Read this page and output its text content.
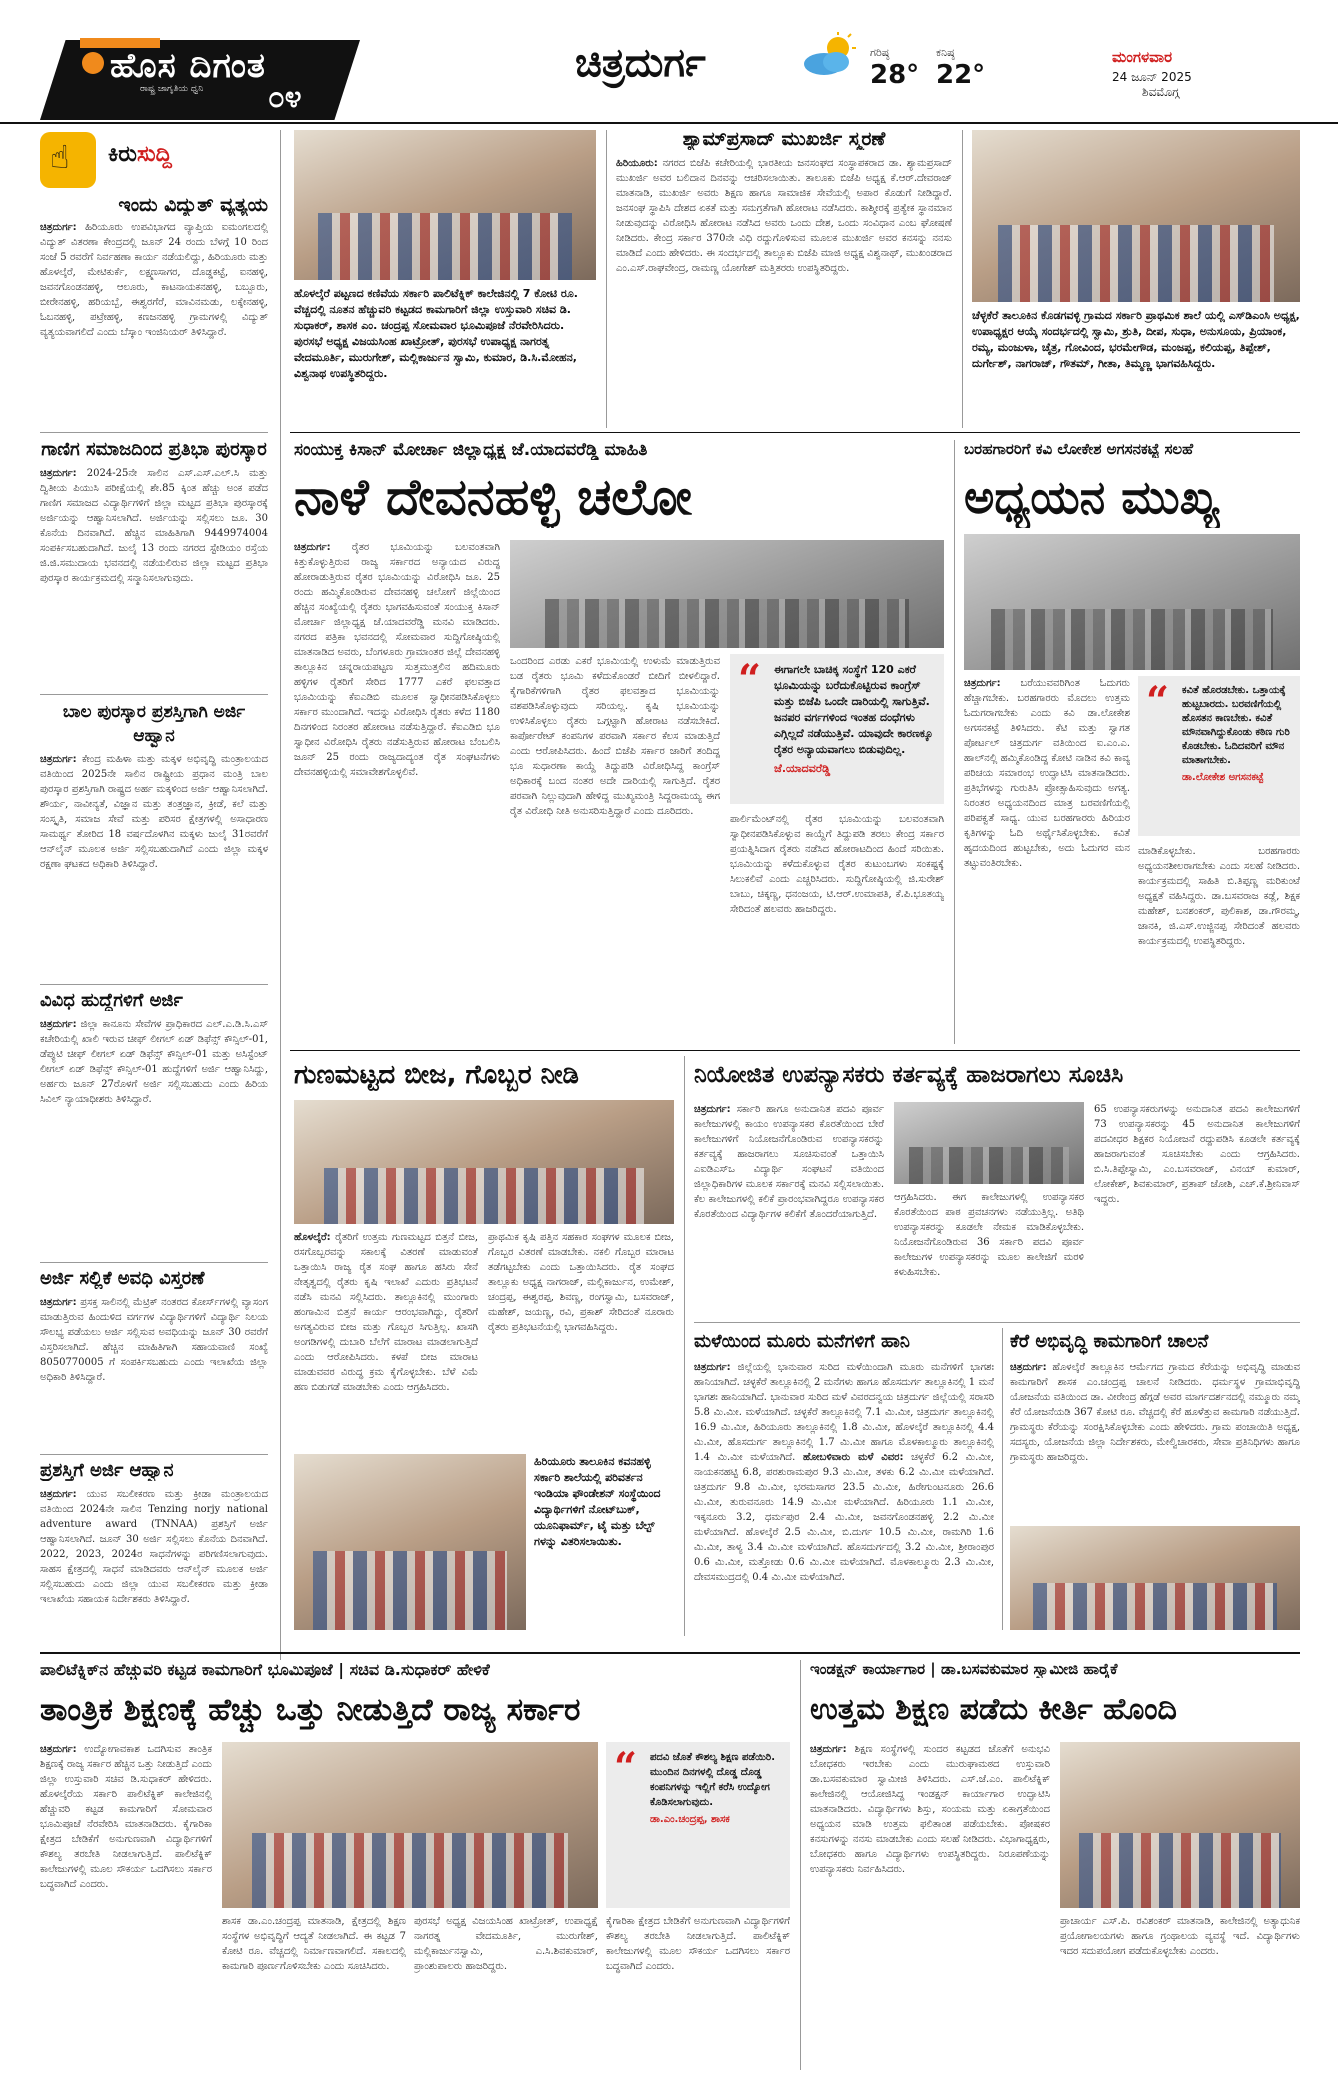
ಹೊಸ ದಿಗಂತ
ರಾಷ್ಟ್ರ ಜಾಗೃತಿಯ ಧ್ವನಿ ೦೪
ಚಿತ್ರದುರ್ಗ	ಗರಿಷ್ಠ
28°
ಕನಿಷ್ಠ
22°
ಮಂಗಳವಾರ
24 ಜೂನ್ 2025
ಶಿವಮೊಗ್ಗ
☝ ಕಿರುಸುದ್ದಿ
ಇಂದು ವಿದ್ಯುತ್ ವ್ಯತ್ಯಯ
ಚಿತ್ರದುರ್ಗ: ಹಿರಿಯೂರು ಉಪವಿಭಾಗದ ವ್ಯಾಪ್ತಿಯ ಐಮಂಗಲದಲ್ಲಿ ವಿದ್ಯುತ್ ವಿತರಣಾ ಕೇಂದ್ರದಲ್ಲಿ ಜೂನ್ 24 ರಂದು ಬೆಳಗ್ಗೆ 10 ರಿಂದ ಸಂಜೆ 5 ರವರೆಗೆ ನಿರ್ವಹಣಾ ಕಾರ್ಯ ನಡೆಯಲಿದ್ದು, ಹಿರಿಯೂರು ಮತ್ತು ಹೊಳಲ್ಕೆರೆ, ಮೇಟಿಕುರ್ಕೆ, ಲಕ್ಷ್ಮಣಸಾಗರ, ದೊಡ್ಡಕಟ್ಟೆ, ಐನಹಳ್ಳಿ, ಜವನಗೊಂಡನಹಳ್ಳಿ, ಆಲೂರು, ಕಾಟನಾಯಕನಹಳ್ಳಿ, ಬಬ್ಬೂರು, ಬೀರೇನಹಳ್ಳಿ, ಹರಿಯಬ್ಬೆ, ಈಶ್ವರಗೆರೆ, ಮಾವಿನಮಡು, ಲಕ್ಕೇನಹಳ್ಳಿ, ಓಬನಹಳ್ಳಿ, ಪಟ್ರೇಹಳ್ಳಿ, ಕಣಜನಹಳ್ಳಿ ಗ್ರಾಮಗಳಲ್ಲಿ ವಿದ್ಯುತ್ ವ್ಯತ್ಯಯವಾಗಲಿದೆ ಎಂದು ಬೆಸ್ಕಾಂ ಇಂಜಿನಿಯರ್ ತಿಳಿಸಿದ್ದಾರೆ.
ಗಾಣಿಗ ಸಮಾಜದಿಂದ ಪ್ರತಿಭಾ ಪುರಸ್ಕಾರ
ಚಿತ್ರದುರ್ಗ: 2024-25ನೇ ಸಾಲಿನ ಎಸ್.ಎಸ್.ಎಲ್.ಸಿ ಮತ್ತು ದ್ವಿತೀಯ ಪಿಯುಸಿ ಪರೀಕ್ಷೆಯಲ್ಲಿ ಶೇ.85 ಕ್ಕಿಂತ ಹೆಚ್ಚು ಅಂಕ ಪಡೆದ ಗಾಣಿಗ ಸಮಾಜದ ವಿದ್ಯಾರ್ಥಿಗಳಿಗೆ ಜಿಲ್ಲಾ ಮಟ್ಟದ ಪ್ರತಿಭಾ ಪುರಸ್ಕಾರಕ್ಕೆ ಅರ್ಜಿಯನ್ನು ಆಹ್ವಾನಿಸಲಾಗಿದೆ. ಅರ್ಜಿಯನ್ನು ಸಲ್ಲಿಸಲು ಜೂ. 30 ಕೊನೆಯ ದಿನವಾಗಿದೆ. ಹೆಚ್ಚಿನ ಮಾಹಿತಿಗಾಗಿ 9449974004 ಸಂಪರ್ಕಿಸಬಹುದಾಗಿದೆ. ಜುಲೈ 13 ರಂದು ನಗರದ ಸ್ಟೇಡಿಯಂ ರಸ್ತೆಯ ಜಿ.ಜಿ.ಸಮುದಾಯ ಭವನದಲ್ಲಿ ನಡೆಯಲಿರುವ ಜಿಲ್ಲಾ ಮಟ್ಟದ ಪ್ರತಿಭಾ ಪುರಸ್ಕಾರ ಕಾರ್ಯಕ್ರಮದಲ್ಲಿ ಸನ್ಮಾನಿಸಲಾಗುವುದು.
ಬಾಲ ಪುರಸ್ಕಾರ ಪ್ರಶಸ್ತಿಗಾಗಿ ಅರ್ಜಿ ಆಹ್ವಾನ
ಚಿತ್ರದುರ್ಗ: ಕೇಂದ್ರ ಮಹಿಳಾ ಮತ್ತು ಮಕ್ಕಳ ಅಭಿವೃದ್ಧಿ ಮಂತ್ರಾಲಯದ ವತಿಯಿಂದ 2025ನೇ ಸಾಲಿನ ರಾಷ್ಟ್ರೀಯ ಪ್ರಧಾನ ಮಂತ್ರಿ ಬಾಲ ಪುರಸ್ಕಾರ ಪ್ರಶಸ್ತಿಗಾಗಿ ರಾಷ್ಟ್ರದ ಅರ್ಹ ಮಕ್ಕಳಿಂದ ಅರ್ಜಿ ಆಹ್ವಾನಿಸಲಾಗಿದೆ. ಶೌರ್ಯ, ನಾವೀನ್ಯತೆ, ವಿಜ್ಞಾನ ಮತ್ತು ತಂತ್ರಜ್ಞಾನ, ಕ್ರೀಡೆ, ಕಲೆ ಮತ್ತು ಸಂಸ್ಕೃತಿ, ಸಮಾಜ ಸೇವೆ ಮತ್ತು ಪರಿಸರ ಕ್ಷೇತ್ರಗಳಲ್ಲಿ ಅಸಾಧಾರಣ ಸಾಮರ್ಥ್ಯ ತೋರಿದ 18 ವರ್ಷದೊಳಗಿನ ಮಕ್ಕಳು ಜುಲೈ 31ರವರೆಗೆ ಆನ್‌ಲೈನ್ ಮೂಲಕ ಅರ್ಜಿ ಸಲ್ಲಿಸಬಹುದಾಗಿದೆ ಎಂದು ಜಿಲ್ಲಾ ಮಕ್ಕಳ ರಕ್ಷಣಾ ಘಟಕದ ಅಧಿಕಾರಿ ತಿಳಿಸಿದ್ದಾರೆ.
ವಿವಿಧ ಹುದ್ದೆಗಳಿಗೆ ಅರ್ಜಿ
ಚಿತ್ರದುರ್ಗ: ಜಿಲ್ಲಾ ಕಾನೂನು ಸೇವೆಗಳ ಪ್ರಾಧಿಕಾರದ ಎಲ್.ಎ.ಡಿ.ಸಿ.ಎಸ್ ಕಚೇರಿಯಲ್ಲಿ ಖಾಲಿ ಇರುವ ಚೀಫ್ ಲೀಗಲ್ ಏಡ್ ಡಿಫೆನ್ಸ್ ಕೌನ್ಸಿಲ್-01, ಡೆಪ್ಯುಟಿ ಚೀಫ್ ಲೀಗಲ್ ಏಡ್ ಡಿಫೆನ್ಸ್ ಕೌನ್ಸಿಲ್-01 ಮತ್ತು ಅಸಿಸ್ಟೆಂಟ್ ಲೀಗಲ್ ಏಡ್ ಡಿಫೆನ್ಸ್ ಕೌನ್ಸಿಲ್-01 ಹುದ್ದೆಗಳಿಗೆ ಅರ್ಜಿ ಆಹ್ವಾನಿಸಿದ್ದು, ಅರ್ಹರು ಜೂನ್ 27ರೊಳಗೆ ಅರ್ಜಿ ಸಲ್ಲಿಸಬಹುದು ಎಂದು ಹಿರಿಯ ಸಿವಿಲ್ ನ್ಯಾಯಾಧೀಶರು ತಿಳಿಸಿದ್ದಾರೆ.
ಅರ್ಜಿ ಸಲ್ಲಿಕೆ ಅವಧಿ ವಿಸ್ತರಣೆ
ಚಿತ್ರದುರ್ಗ: ಪ್ರಸಕ್ತ ಸಾಲಿನಲ್ಲಿ ಮೆಟ್ರಿಕ್ ನಂತರದ ಕೋರ್ಸ್‌ಗಳಲ್ಲಿ ವ್ಯಾಸಂಗ ಮಾಡುತ್ತಿರುವ ಹಿಂದುಳಿದ ವರ್ಗಗಳ ವಿದ್ಯಾರ್ಥಿಗಳಿಗೆ ವಿದ್ಯಾರ್ಥಿ ನಿಲಯ ಸೌಲಭ್ಯ ಪಡೆಯಲು ಅರ್ಜಿ ಸಲ್ಲಿಸುವ ಅವಧಿಯನ್ನು ಜೂನ್ 30 ರವರೆಗೆ ವಿಸ್ತರಿಸಲಾಗಿದೆ. ಹೆಚ್ಚಿನ ಮಾಹಿತಿಗಾಗಿ ಸಹಾಯವಾಣಿ ಸಂಖ್ಯೆ 8050770005 ಗೆ ಸಂಪರ್ಕಿಸಬಹುದು ಎಂದು ಇಲಾಖೆಯ ಜಿಲ್ಲಾ ಅಧಿಕಾರಿ ತಿಳಿಸಿದ್ದಾರೆ.
ಪ್ರಶಸ್ತಿಗೆ ಅರ್ಜಿ ಆಹ್ವಾನ
ಚಿತ್ರದುರ್ಗ: ಯುವ ಸಬಲೀಕರಣ ಮತ್ತು ಕ್ರೀಡಾ ಮಂತ್ರಾಲಯದ ವತಿಯಿಂದ 2024ನೇ ಸಾಲಿನ Tenzing norjy national adventure award (TNNAA) ಪ್ರಶಸ್ತಿಗೆ ಅರ್ಜಿ ಆಹ್ವಾನಿಸಲಾಗಿದೆ. ಜೂನ್ 30 ಅರ್ಜಿ ಸಲ್ಲಿಸಲು ಕೊನೆಯ ದಿನವಾಗಿದೆ. 2022, 2023, 2024ರ ಸಾಧನೆಗಳನ್ನು ಪರಿಗಣಿಸಲಾಗುವುದು. ಸಾಹಸ ಕ್ಷೇತ್ರದಲ್ಲಿ ಸಾಧನೆ ಮಾಡಿದವರು ಆನ್‌ಲೈನ್ ಮೂಲಕ ಅರ್ಜಿ ಸಲ್ಲಿಸಬಹುದು ಎಂದು ಜಿಲ್ಲಾ ಯುವ ಸಬಲೀಕರಣ ಮತ್ತು ಕ್ರೀಡಾ ಇಲಾಖೆಯ ಸಹಾಯಕ ನಿರ್ದೇಶಕರು ತಿಳಿಸಿದ್ದಾರೆ.
ಹೊಳಲ್ಕೆರೆ ಪಟ್ಟಣದ ಕಣಿವೆಯ ಸರ್ಕಾರಿ ಪಾಲಿಟೆಕ್ನಿಕ್ ಕಾಲೇಜಿನಲ್ಲಿ 7 ಕೋಟಿ ರೂ. ವೆಚ್ಚದಲ್ಲಿ ನೂತನ ಹೆಚ್ಚುವರಿ ಕಟ್ಟಡದ ಕಾಮಗಾರಿಗೆ ಜಿಲ್ಲಾ ಉಸ್ತುವಾರಿ ಸಚಿವ ಡಿ. ಸುಧಾಕರ್, ಶಾಸಕ ಎಂ. ಚಂದ್ರಪ್ಪ ಸೋಮವಾರ ಭೂಮಿಪೂಜೆ ನೆರವೇರಿಸಿದರು. ಪುರಸಭೆ ಅಧ್ಯಕ್ಷ ವಿಜಯಸಿಂಹ ಖಾಟ್ರೋತ್, ಪುರಸಭೆ ಉಪಾಧ್ಯಕ್ಷ ನಾಗರತ್ನ ವೇದಮೂರ್ತಿ, ಮುರುಗೇಶ್, ಮಲ್ಲಿಕಾರ್ಜುನ ಸ್ವಾಮಿ, ಕುಮಾರ, ಡಿ.ಸಿ.ಮೋಹನ, ವಿಶ್ವನಾಥ ಉಪಸ್ಥಿತರಿದ್ದರು.
ಶ್ಯಾಮ್‌ಪ್ರಸಾದ್ ಮುಖರ್ಜಿ ಸ್ಮರಣೆ
ಹಿರಿಯೂರು: ನಗರದ ಬಿಜೆಪಿ ಕಚೇರಿಯಲ್ಲಿ ಭಾರತೀಯ ಜನಸಂಘದ ಸಂಸ್ಥಾಪಕರಾದ ಡಾ. ಶ್ಯಾಮಪ್ರಸಾದ್ ಮುಖರ್ಜಿ ಅವರ ಬಲಿದಾನ ದಿನವನ್ನು ಆಚರಿಸಲಾಯಿತು. ತಾಲೂಕು ಬಿಜೆಪಿ ಅಧ್ಯಕ್ಷ ಕೆ.ಆರ್.ದೇವರಾಜ್ ಮಾತನಾಡಿ, ಮುಖರ್ಜಿ ಅವರು ಶಿಕ್ಷಣ ಹಾಗೂ ಸಾಮಾಜಿಕ ಸೇವೆಯಲ್ಲಿ ಅಪಾರ ಕೊಡುಗೆ ನೀಡಿದ್ದಾರೆ. ಜನಸಂಘ ಸ್ಥಾಪಿಸಿ ದೇಶದ ಏಕತೆ ಮತ್ತು ಸಮಗ್ರತೆಗಾಗಿ ಹೋರಾಟ ನಡೆಸಿದರು. ಕಾಶ್ಮೀರಕ್ಕೆ ಪ್ರತ್ಯೇಕ ಸ್ಥಾನಮಾನ ನೀಡುವುದನ್ನು ವಿರೋಧಿಸಿ ಹೋರಾಟ ನಡೆಸಿದ ಅವರು ಒಂದು ದೇಶ, ಒಂದು ಸಂವಿಧಾನ ಎಂಬ ಘೋಷಣೆ ನೀಡಿದರು. ಕೇಂದ್ರ ಸರ್ಕಾರ 370ನೇ ವಿಧಿ ರದ್ದುಗೊಳಿಸುವ ಮೂಲಕ ಮುಖರ್ಜಿ ಅವರ ಕನಸನ್ನು ನನಸು ಮಾಡಿದೆ ಎಂದು ಹೇಳಿದರು. ಈ ಸಂದರ್ಭದಲ್ಲಿ ತಾಲ್ಲೂಕು ಬಿಜೆಪಿ ಮಾಜಿ ಅಧ್ಯಕ್ಷ ವಿಶ್ವನಾಥ್, ಮುಖಂಡರಾದ ಎಂ.ಎಸ್.ರಾಘವೇಂದ್ರ, ರಾಮಣ್ಣ ಯೋಗೇಶ್ ಮತ್ತಿತರರು ಉಪಸ್ಥಿತರಿದ್ದರು.
ಚೆಳ್ಳಕೆರೆ ತಾಲೂಕಿನ ಕೊಡಗವಳ್ಳಿ ಗ್ರಾಮದ ಸರ್ಕಾರಿ ಪ್ರಾಥಮಿಕ ಶಾಲೆ ಯಲ್ಲಿ ಎಸ್‌ಡಿಎಂಸಿ ಅಧ್ಯಕ್ಷ, ಉಪಾಧ್ಯಕ್ಷರ ಆಯ್ಕೆ ಸಂದರ್ಭದಲ್ಲಿ ಸ್ವಾಮಿ, ಶ್ರುತಿ, ದೀಪ, ಸುಧಾ, ಅನುಸೂಯ, ಪ್ರಿಯಾಂಕ, ರಮ್ಯ, ಮಂಜುಳಾ, ಚೈತ್ರ, ಗೋವಿಂದ, ಭರಮೇಗೌಡ, ಮಂಜಪ್ಪ, ಕಲಿಯಪ್ಪ, ತಿಪ್ಪೇಶ್, ದುರ್ಗೇಶ್, ನಾಗರಾಜ್, ಗೌತಮ್, ಗೀತಾ, ತಿಮ್ಮಣ್ಣ ಭಾಗವಹಿಸಿದ್ದರು.
ಸಂಯುಕ್ತ ಕಿಸಾನ್ ಮೋರ್ಚಾ ಜಿಲ್ಲಾಧ್ಯಕ್ಷ ಜೆ.ಯಾದವರೆಡ್ಡಿ ಮಾಹಿತಿ
ನಾಳೆ ದೇವನಹಳ್ಳಿ ಚಲೋ
ಚಿತ್ರದುರ್ಗ: ರೈತರ ಭೂಮಿಯನ್ನು ಬಲವಂತವಾಗಿ ಕಿತ್ತುಕೊಳ್ಳುತ್ತಿರುವ ರಾಜ್ಯ ಸರ್ಕಾರದ ಅನ್ಯಾಯದ ವಿರುದ್ಧ ಹೋರಾಡುತ್ತಿರುವ ರೈತರ ಭೂಮಿಯನ್ನು ವಿರೋಧಿಸಿ ಜೂ. 25 ರಂದು ಹಮ್ಮಿಕೊಂಡಿರುವ ದೇವನಹಳ್ಳಿ ಚಲೋಗೆ ಜಿಲ್ಲೆಯಿಂದ ಹೆಚ್ಚಿನ ಸಂಖ್ಯೆಯಲ್ಲಿ ರೈತರು ಭಾಗವಹಿಸುವಂತೆ ಸಂಯುಕ್ತ ಕಿಸಾನ್ ಮೋರ್ಚಾ ಜಿಲ್ಲಾಧ್ಯಕ್ಷ ಜೆ.ಯಾದವರೆಡ್ಡಿ ಮನವಿ ಮಾಡಿದರು. ನಗರದ ಪತ್ರಿಕಾ ಭವನದಲ್ಲಿ ಸೋಮವಾರ ಸುದ್ದಿಗೋಷ್ಠಿಯಲ್ಲಿ ಮಾತನಾಡಿದ ಅವರು, ಬೆಂಗಳೂರು ಗ್ರಾಮಾಂತರ ಜಿಲ್ಲೆ ದೇವನಹಳ್ಳಿ ತಾಲ್ಲೂಕಿನ ಚನ್ನರಾಯಪಟ್ಟಣ ಸುತ್ತಮುತ್ತಲಿನ ಹದಿಮೂರು ಹಳ್ಳಿಗಳ ರೈತರಿಗೆ ಸೇರಿದ 1777 ಎಕರೆ ಫಲವತ್ತಾದ ಭೂಮಿಯನ್ನು ಕೆಐಎಡಿಬಿ ಮೂಲಕ ಸ್ವಾಧೀನಪಡಿಸಿಕೊಳ್ಳಲು ಸರ್ಕಾರ ಮುಂದಾಗಿದೆ. ಇದನ್ನು ವಿರೋಧಿಸಿ ರೈತರು ಕಳೆದ 1180 ದಿನಗಳಿಂದ ನಿರಂತರ ಹೋರಾಟ ನಡೆಸುತ್ತಿದ್ದಾರೆ. ಕೆಐಎಡಿಬಿ ಭೂ ಸ್ವಾಧೀನ ವಿರೋಧಿಸಿ ರೈತರು ನಡೆಸುತ್ತಿರುವ ಹೋರಾಟ ಬೆಂಬಲಿಸಿ ಜೂನ್ 25 ರಂದು ರಾಜ್ಯದಾದ್ಯಂತ ರೈತ ಸಂಘಟನೆಗಳು ದೇವನಹಳ್ಳಿಯಲ್ಲಿ ಸಮಾವೇಶಗೊಳ್ಳಲಿವೆ.
ಒಂದರಿಂದ ಎರಡು ಎಕರೆ ಭೂಮಿಯಲ್ಲಿ ಉಳುಮೆ ಮಾಡುತ್ತಿರುವ ಬಡ ರೈತರು ಭೂಮಿ ಕಳೆದುಕೊಂಡರೆ ಬೀದಿಗೆ ಬೀಳಲಿದ್ದಾರೆ. ಕೈಗಾರಿಕೆಗಳಿಗಾಗಿ ರೈತರ ಫಲವತ್ತಾದ ಭೂಮಿಯನ್ನು ವಶಪಡಿಸಿಕೊಳ್ಳುವುದು ಸರಿಯಲ್ಲ. ಕೃಷಿ ಭೂಮಿಯನ್ನು ಉಳಿಸಿಕೊಳ್ಳಲು ರೈತರು ಒಗ್ಗಟ್ಟಾಗಿ ಹೋರಾಟ ನಡೆಸಬೇಕಿದೆ. ಕಾರ್ಪೋರೇಟ್ ಕಂಪನಿಗಳ ಪರವಾಗಿ ಸರ್ಕಾರ ಕೆಲಸ ಮಾಡುತ್ತಿದೆ ಎಂದು ಆರೋಪಿಸಿದರು. ಹಿಂದೆ ಬಿಜೆಪಿ ಸರ್ಕಾರ ಜಾರಿಗೆ ತಂದಿದ್ದ ಭೂ ಸುಧಾರಣಾ ಕಾಯ್ದೆ ತಿದ್ದುಪಡಿ ವಿರೋಧಿಸಿದ್ದ ಕಾಂಗ್ರೆಸ್ ಅಧಿಕಾರಕ್ಕೆ ಬಂದ ನಂತರ ಅದೇ ದಾರಿಯಲ್ಲಿ ಸಾಗುತ್ತಿದೆ. ರೈತರ ಪರವಾಗಿ ನಿಲ್ಲುವುದಾಗಿ ಹೇಳಿದ್ದ ಮುಖ್ಯಮಂತ್ರಿ ಸಿದ್ದರಾಮಯ್ಯ ಈಗ ರೈತ ವಿರೋಧಿ ನೀತಿ ಅನುಸರಿಸುತ್ತಿದ್ದಾರೆ ಎಂದು ದೂರಿದರು.
“ ಈಗಾಗಲೇ ಬಾಚಿಕ್ಕ ಸಂಸ್ಥೆಗೆ 120 ಎಕರೆ ಭೂಮಿಯನ್ನು ಬರೆದುಕೊಟ್ಟಿರುವ ಕಾಂಗ್ರೆಸ್ ಮತ್ತು ಬಿಜೆಪಿ ಒಂದೇ ದಾರಿಯಲ್ಲಿ ಸಾಗುತ್ತಿವೆ. ಜನಪರ ವರ್ಗಗಳಿಂದ ಇಂತಹ ದಂಧೆಗಳು ಎಗ್ಗಿಲ್ಲದೆ ನಡೆಯುತ್ತಿವೆ. ಯಾವುದೇ ಕಾರಣಕ್ಕೂ ರೈತರ ಅನ್ಯಾಯವಾಗಲು ಬಿಡುವುದಿಲ್ಲ.
ಜೆ.ಯಾದವರೆಡ್ಡಿ
ಪಾರ್ಲಿಮೆಂಟ್‌ನಲ್ಲಿ ರೈತರ ಭೂಮಿಯನ್ನು ಬಲವಂತವಾಗಿ ಸ್ವಾಧೀನಪಡಿಸಿಕೊಳ್ಳುವ ಕಾಯ್ದೆಗೆ ತಿದ್ದುಪಡಿ ತರಲು ಕೇಂದ್ರ ಸರ್ಕಾರ ಪ್ರಯತ್ನಿಸಿದಾಗ ರೈತರು ನಡೆಸಿದ ಹೋರಾಟದಿಂದ ಹಿಂದೆ ಸರಿಯಿತು. ಭೂಮಿಯನ್ನು ಕಳೆದುಕೊಳ್ಳುವ ರೈತರ ಕುಟುಂಬಗಳು ಸಂಕಷ್ಟಕ್ಕೆ ಸಿಲುಕಲಿವೆ ಎಂದು ಎಚ್ಚರಿಸಿದರು. ಸುದ್ದಿಗೋಷ್ಠಿಯಲ್ಲಿ ಜಿ.ಸುರೇಶ್ ಬಾಬು, ಚಿಕ್ಕಣ್ಣ, ಧನಂಜಯ, ಟಿ.ಆರ್.ಉಮಾಪತಿ, ಕೆ.ಪಿ.ಭೂತಯ್ಯ ಸೇರಿದಂತೆ ಹಲವರು ಹಾಜರಿದ್ದರು.
ಬರಹಗಾರರಿಗೆ ಕವಿ ಲೋಕೇಶ ಅಗಸನಕಟ್ಟೆ ಸಲಹೆ
ಅಧ್ಯಯನ ಮುಖ್ಯ
ಚಿತ್ರದುರ್ಗ: ಬರೆಯುವವರಿಗಿಂತ ಓದುಗರು ಹೆಚ್ಚಾಗಬೇಕು. ಬರಹಗಾರರು ಮೊದಲು ಉತ್ತಮ ಓದುಗರಾಗಬೇಕು ಎಂದು ಕವಿ ಡಾ.ಲೋಕೇಶ ಅಗಸನಕಟ್ಟೆ ತಿಳಿಸಿದರು. ಕೆಟಿ ಮತ್ತು ಸ್ವಾಗತ ಪೋರ್ಟಲ್ ಚಿತ್ರದುರ್ಗ ವತಿಯಿಂದ ಐ.ಎಂ.ಎ. ಹಾಲ್‌ನಲ್ಲಿ ಹಮ್ಮಿಕೊಂಡಿದ್ದ ಕೋಟಿ ನಾಡಿನ ಕವಿ ಕಾವ್ಯ ಪರಿಚಯ ಸಮಾರಂಭ ಉದ್ಘಾಟಿಸಿ ಮಾತನಾಡಿದರು. ಪ್ರತಿಭೆಗಳನ್ನು ಗುರುತಿಸಿ ಪ್ರೋತ್ಸಾಹಿಸುವುದು ಅಗತ್ಯ. ನಿರಂತರ ಅಧ್ಯಯನದಿಂದ ಮಾತ್ರ ಬರವಣಿಗೆಯಲ್ಲಿ ಪರಿಪಕ್ವತೆ ಸಾಧ್ಯ. ಯುವ ಬರಹಗಾರರು ಹಿರಿಯರ ಕೃತಿಗಳನ್ನು ಓದಿ ಅರ್ಥೈಸಿಕೊಳ್ಳಬೇಕು. ಕವಿತೆ ಹೃದಯದಿಂದ ಹುಟ್ಟಬೇಕು, ಅದು ಓದುಗರ ಮನ ತಟ್ಟುವಂತಿರಬೇಕು.
“ ಕವಿತೆ ಹೊರಡಬೇಕು. ಒತ್ತಾಯಕ್ಕೆ ಹುಟ್ಟಬಾರದು. ಬರವಣಿಗೆಯಲ್ಲಿ ಹೊಸತನ ಕಾಣಬೇಕು. ಕವಿತೆ ಮೌನವಾಗಿದ್ದುಕೊಂಡು ಕಠಿಣ ಗುರಿ ಕೊಡಬೇಕು. ಓದಿದವರಿಗೆ ಮೌನ ಮಾತಾಗಬೇಕು.
ಡಾ.ಲೋಕೇಶ ಅಗಸನಕಟ್ಟೆ
ಮಾಡಿಕೊಳ್ಳಬೇಕು. ಬರಹಗಾರರು ಅಧ್ಯಯನಶೀಲರಾಗಬೇಕು ಎಂದು ಸಲಹೆ ನೀಡಿದರು. ಕಾರ್ಯಕ್ರಮದಲ್ಲಿ ಸಾಹಿತಿ ಬಿ.ತಿಪ್ಪಣ್ಣ ಮರಿಕುಂಟೆ ಅಧ್ಯಕ್ಷತೆ ವಹಿಸಿದ್ದರು. ಡಾ.ಬಸವರಾಜ ಕಡ್ಲೆ, ಶಿಕ್ಷಕ ಮಹೇಶ್, ಬನಶಂಕರ್, ಪುಲಿಕಾಶ, ಡಾ.ಗೌರಮ್ಮ, ಜಾನಕಿ, ಜಿ.ಎಸ್.ಉಜ್ಜಿನಪ್ಪ ಸೇರಿದಂತೆ ಹಲವರು ಕಾರ್ಯಕ್ರಮದಲ್ಲಿ ಉಪಸ್ಥಿತರಿದ್ದರು.
ಗುಣಮಟ್ಟದ ಬೀಜ, ಗೊಬ್ಬರ ನೀಡಿ
ಹೊಳಲ್ಕೆರೆ: ರೈತರಿಗೆ ಉತ್ತಮ ಗುಣಮಟ್ಟದ ಬಿತ್ತನೆ ಬೀಜ, ರಸಗೊಬ್ಬರವನ್ನು ಸಕಾಲಕ್ಕೆ ವಿತರಣೆ ಮಾಡುವಂತೆ ಒತ್ತಾಯಿಸಿ ರಾಜ್ಯ ರೈತ ಸಂಘ ಹಾಗೂ ಹಸಿರು ಸೇನೆ ನೇತೃತ್ವದಲ್ಲಿ ರೈತರು ಕೃಷಿ ಇಲಾಖೆ ಎದುರು ಪ್ರತಿಭಟನೆ ನಡೆಸಿ ಮನವಿ ಸಲ್ಲಿಸಿದರು. ತಾಲ್ಲೂಕಿನಲ್ಲಿ ಮುಂಗಾರು ಹಂಗಾಮಿನ ಬಿತ್ತನೆ ಕಾರ್ಯ ಆರಂಭವಾಗಿದ್ದು, ರೈತರಿಗೆ ಅಗತ್ಯವಿರುವ ಬೀಜ ಮತ್ತು ಗೊಬ್ಬರ ಸಿಗುತ್ತಿಲ್ಲ. ಖಾಸಗಿ ಅಂಗಡಿಗಳಲ್ಲಿ ದುಬಾರಿ ಬೆಲೆಗೆ ಮಾರಾಟ ಮಾಡಲಾಗುತ್ತಿದೆ ಎಂದು ಆರೋಪಿಸಿದರು. ಕಳಪೆ ಬೀಜ ಮಾರಾಟ ಮಾಡುವವರ ವಿರುದ್ಧ ಕ್ರಮ ಕೈಗೊಳ್ಳಬೇಕು. ಬೆಳೆ ವಿಮೆ ಹಣ ಬಿಡುಗಡೆ ಮಾಡಬೇಕು ಎಂದು ಆಗ್ರಹಿಸಿದರು.
ಪ್ರಾಥಮಿಕ ಕೃಷಿ ಪತ್ತಿನ ಸಹಕಾರ ಸಂಘಗಳ ಮೂಲಕ ಬೀಜ, ಗೊಬ್ಬರ ವಿತರಣೆ ಮಾಡಬೇಕು. ನಕಲಿ ಗೊಬ್ಬರ ಮಾರಾಟ ತಡೆಗಟ್ಟಬೇಕು ಎಂದು ಒತ್ತಾಯಿಸಿದರು. ರೈತ ಸಂಘದ ತಾಲ್ಲೂಕು ಅಧ್ಯಕ್ಷ ನಾಗರಾಜ್, ಮಲ್ಲಿಕಾರ್ಜುನ, ಉಮೇಶ್, ಚಂದ್ರಪ್ಪ, ಈಶ್ವರಪ್ಪ, ಶಿವಣ್ಣ, ರಂಗಸ್ವಾಮಿ, ಬಸವರಾಜ್, ಮಹೇಶ್, ಜಯಣ್ಣ, ರವಿ, ಪ್ರಕಾಶ್ ಸೇರಿದಂತೆ ನೂರಾರು ರೈತರು ಪ್ರತಿಭಟನೆಯಲ್ಲಿ ಭಾಗವಹಿಸಿದ್ದರು.
ಹಿರಿಯೂರು ತಾಲೂಕಿನ ಕವನಹಳ್ಳಿ ಸರ್ಕಾರಿ ಶಾಲೆಯಲ್ಲಿ ಪರಿವರ್ತನ ಇಂಡಿಯಾ ಫೌಂಡೇಶನ್ ಸಂಸ್ಥೆಯಿಂದ ವಿದ್ಯಾರ್ಥಿಗಳಿಗೆ ನೋಟ್‌ಬುಕ್, ಯೂನಿಫಾರ್ಮ್, ಟೈ ಮತ್ತು ಬೆಲ್ಟ್ ಗಳನ್ನು ವಿತರಿಸಲಾಯಿತು.
ನಿಯೋಜಿತ ಉಪನ್ಯಾಸಕರು ಕರ್ತವ್ಯಕ್ಕೆ ಹಾಜರಾಗಲು ಸೂಚಿಸಿ
ಚಿತ್ರದುರ್ಗ: ಸರ್ಕಾರಿ ಹಾಗೂ ಅನುದಾನಿತ ಪದವಿ ಪೂರ್ವ ಕಾಲೇಜುಗಳಲ್ಲಿ ಕಾಯಂ ಉಪನ್ಯಾಸಕರ ಕೊರತೆಯಿಂದ ಬೇರೆ ಕಾಲೇಜುಗಳಿಗೆ ನಿಯೋಜನೆಗೊಂಡಿರುವ ಉಪನ್ಯಾಸಕರನ್ನು ಕರ್ತವ್ಯಕ್ಕೆ ಹಾಜರಾಗಲು ಸೂಚಿಸುವಂತೆ ಒತ್ತಾಯಿಸಿ ಎಐಡಿಎಸ್‌ಒ ವಿದ್ಯಾರ್ಥಿ ಸಂಘಟನೆ ವತಿಯಿಂದ ಜಿಲ್ಲಾಧಿಕಾರಿಗಳ ಮೂಲಕ ಸರ್ಕಾರಕ್ಕೆ ಮನವಿ ಸಲ್ಲಿಸಲಾಯಿತು. ಕೆಲ ಕಾಲೇಜುಗಳಲ್ಲಿ ಕಲಿಕೆ ಪ್ರಾರಂಭವಾಗಿದ್ದರೂ ಉಪನ್ಯಾಸಕರ ಕೊರತೆಯಿಂದ ವಿದ್ಯಾರ್ಥಿಗಳ ಕಲಿಕೆಗೆ ತೊಂದರೆಯಾಗುತ್ತಿದೆ.
ಆಗ್ರಹಿಸಿದರು. ಈಗ ಕಾಲೇಜುಗಳಲ್ಲಿ ಉಪನ್ಯಾಸಕರ ಕೊರತೆಯಿಂದ ಪಾಠ ಪ್ರವಚನಗಳು ನಡೆಯುತ್ತಿಲ್ಲ. ಅತಿಥಿ ಉಪನ್ಯಾಸಕರನ್ನು ಕೂಡಲೇ ನೇಮಕ ಮಾಡಿಕೊಳ್ಳಬೇಕು. ನಿಯೋಜನೆಗೊಂಡಿರುವ 36 ಸರ್ಕಾರಿ ಪದವಿ ಪೂರ್ವ ಕಾಲೇಜುಗಳ ಉಪನ್ಯಾಸಕರನ್ನು ಮೂಲ ಕಾಲೇಜಿಗೆ ಮರಳಿ ಕಳುಹಿಸಬೇಕು.
65 ಉಪನ್ಯಾಸಕರುಗಳನ್ನು ಅನುದಾನಿತ ಪದವಿ ಕಾಲೇಜುಗಳಿಗೆ 73 ಉಪನ್ಯಾಸಕರನ್ನು 45 ಅನುದಾನಿತ ಕಾಲೇಜುಗಳಿಗೆ ಪದವೀಧರ ಶಿಕ್ಷಕರ ನಿಯೋಜನೆ ರದ್ದುಪಡಿಸಿ ಕೂಡಲೇ ಕರ್ತವ್ಯಕ್ಕೆ ಹಾಜರಾಗುವಂತೆ ಸೂಚಿಸಬೇಕು ಎಂದು ಆಗ್ರಹಿಸಿದರು. ಬಿ.ಸಿ.ತಿಪ್ಪೇಸ್ವಾಮಿ, ಎಂ.ಬಸವರಾಜ್, ವಿನಯ್ ಕುಮಾರ್, ಲೋಕೇಶ್, ಶಿವಕುಮಾರ್, ಪ್ರತಾಪ್ ಜೋಶಿ, ಎಚ್.ಕೆ.ಶ್ರೀನಿವಾಸ್ ಇದ್ದರು.
ಮಳೆಯಿಂದ ಮೂರು ಮನೆಗಳಿಗೆ ಹಾನಿ
ಚಿತ್ರದುರ್ಗ: ಜಿಲ್ಲೆಯಲ್ಲಿ ಭಾನುವಾರ ಸುರಿದ ಮಳೆಯಿಂದಾಗಿ ಮೂರು ಮನೆಗಳಿಗೆ ಭಾಗಶಃ ಹಾನಿಯಾಗಿದೆ. ಚಳ್ಳಕೆರೆ ತಾಲ್ಲೂಕಿನಲ್ಲಿ 2 ಮನೆಗಳು ಹಾಗೂ ಹೊಸದುರ್ಗ ತಾಲ್ಲೂಕಿನಲ್ಲಿ 1 ಮನೆ ಭಾಗಶಃ ಹಾನಿಯಾಗಿದೆ. ಭಾನುವಾರ ಸುರಿದ ಮಳೆ ವಿವರದನ್ವಯ ಚಿತ್ರದುರ್ಗ ಜಿಲ್ಲೆಯಲ್ಲಿ ಸರಾಸರಿ 5.8 ಮಿ.ಮೀ. ಮಳೆಯಾಗಿದೆ. ಚಳ್ಳಕೆರೆ ತಾಲ್ಲೂಕಿನಲ್ಲಿ 7.1 ಮಿ.ಮೀ, ಚಿತ್ರದುರ್ಗ ತಾಲ್ಲೂಕಿನಲ್ಲಿ 16.9 ಮಿ.ಮೀ, ಹಿರಿಯೂರು ತಾಲ್ಲೂಕಿನಲ್ಲಿ 1.8 ಮಿ.ಮೀ, ಹೊಳಲ್ಕೆರೆ ತಾಲ್ಲೂಕಿನಲ್ಲಿ 4.4 ಮಿ.ಮೀ, ಹೊಸದುರ್ಗ ತಾಲ್ಲೂಕಿನಲ್ಲಿ 1.7 ಮಿ.ಮೀ ಹಾಗೂ ಮೊಳಕಾಲ್ಮೂರು ತಾಲ್ಲೂಕಿನಲ್ಲಿ 1.4 ಮಿ.ಮೀ ಮಳೆಯಾಗಿದೆ. ಹೋಬಳಿವಾರು ಮಳೆ ವಿವರ: ಚಳ್ಳಕೆರೆ 6.2 ಮಿ.ಮೀ, ನಾಯಕನಹಟ್ಟಿ 6.8, ಪರಶುರಾಮಪುರ 9.3 ಮಿ.ಮೀ, ತಳಕು 6.2 ಮಿ.ಮೀ ಮಳೆಯಾಗಿದೆ. ಚಿತ್ರದುರ್ಗ 9.8 ಮಿ.ಮೀ, ಭರಮಸಾಗರ 23.5 ಮಿ.ಮೀ, ಹಿರೇಗುಂಟನೂರು 26.6 ಮಿ.ಮೀ, ತುರುವನೂರು 14.9 ಮಿ.ಮೀ ಮಳೆಯಾಗಿದೆ. ಹಿರಿಯೂರು 1.1 ಮಿ.ಮೀ, ಇಕ್ಕನೂರು 3.2, ಧರ್ಮಪುರ 2.4 ಮಿ.ಮೀ, ಜವನಗೊಂಡನಹಳ್ಳಿ 2.2 ಮಿ.ಮೀ ಮಳೆಯಾಗಿದೆ. ಹೊಳಲ್ಕೆರೆ 2.5 ಮಿ.ಮೀ, ಬಿ.ದುರ್ಗ 10.5 ಮಿ.ಮೀ, ರಾಮಗಿರಿ 1.6 ಮಿ.ಮೀ, ತಾಳ್ಯ 3.4 ಮಿ.ಮೀ ಮಳೆಯಾಗಿದೆ. ಹೊಸದುರ್ಗದಲ್ಲಿ 3.2 ಮಿ.ಮೀ, ಶ್ರೀರಾಂಪುರ 0.6 ಮಿ.ಮೀ, ಮತ್ತೋಡು 0.6 ಮಿ.ಮೀ ಮಳೆಯಾಗಿದೆ. ಮೊಳಕಾಲ್ಮೂರು 2.3 ಮಿ.ಮೀ, ದೇವಸಮುದ್ರದಲ್ಲಿ 0.4 ಮಿ.ಮೀ ಮಳೆಯಾಗಿದೆ.
ಕೆರೆ ಅಭಿವೃದ್ಧಿ ಕಾಮಗಾರಿಗೆ ಚಾಲನೆ
ಚಿತ್ರದುರ್ಗ: ಹೊಳಲ್ಕೆರೆ ತಾಲ್ಲೂಕಿನ ಆರ್ಮೆಗದ ಗ್ರಾಮದ ಕೆರೆಯನ್ನು ಅಭಿವೃದ್ಧಿ ಮಾಡುವ ಕಾಮಗಾರಿಗೆ ಶಾಸಕ ಎಂ.ಚಂದ್ರಪ್ಪ ಚಾಲನೆ ನೀಡಿದರು. ಧರ್ಮಸ್ಥಳ ಗ್ರಾಮಾಭಿವೃದ್ಧಿ ಯೋಜನೆಯ ವತಿಯಿಂದ ಡಾ. ವೀರೇಂದ್ರ ಹೆಗ್ಗಡೆ ಅವರ ಮಾರ್ಗದರ್ಶನದಲ್ಲಿ ನಮ್ಮೂರು ನಮ್ಮ ಕೆರೆ ಯೋಜನೆಯಡಿ 367 ಕೋಟಿ ರೂ. ವೆಚ್ಚದಲ್ಲಿ ಕೆರೆ ಹೂಳೆತ್ತುವ ಕಾಮಗಾರಿ ನಡೆಯುತ್ತಿದೆ. ಗ್ರಾಮಸ್ಥರು ಕೆರೆಯನ್ನು ಸಂರಕ್ಷಿಸಿಕೊಳ್ಳಬೇಕು ಎಂದು ಹೇಳಿದರು. ಗ್ರಾಮ ಪಂಚಾಯಿತಿ ಅಧ್ಯಕ್ಷ, ಸದಸ್ಯರು, ಯೋಜನೆಯ ಜಿಲ್ಲಾ ನಿರ್ದೇಶಕರು, ಮೇಲ್ವಿಚಾರಕರು, ಸೇವಾ ಪ್ರತಿನಿಧಿಗಳು ಹಾಗೂ ಗ್ರಾಮಸ್ಥರು ಹಾಜರಿದ್ದರು.
ಪಾಲಿಟೆಕ್ನಿಕ್‌ನ ಹೆಚ್ಚುವರಿ ಕಟ್ಟಡ ಕಾಮಗಾರಿಗೆ ಭೂಮಿಪೂಜೆ | ಸಚಿವ ಡಿ.ಸುಧಾಕರ್ ಹೇಳಿಕೆ
ತಾಂತ್ರಿಕ ಶಿಕ್ಷಣಕ್ಕೆ ಹೆಚ್ಚು ಒತ್ತು ನೀಡುತ್ತಿದೆ ರಾಜ್ಯ ಸರ್ಕಾರ
ಚಿತ್ರದುರ್ಗ: ಉದ್ಯೋಗಾವಕಾಶ ಒದಗಿಸುವ ತಾಂತ್ರಿಕ ಶಿಕ್ಷಣಕ್ಕೆ ರಾಜ್ಯ ಸರ್ಕಾರ ಹೆಚ್ಚಿನ ಒತ್ತು ನೀಡುತ್ತಿದೆ ಎಂದು ಜಿಲ್ಲಾ ಉಸ್ತುವಾರಿ ಸಚಿವ ಡಿ.ಸುಧಾಕರ್ ಹೇಳಿದರು. ಹೊಳಲ್ಕೆರೆಯ ಸರ್ಕಾರಿ ಪಾಲಿಟೆಕ್ನಿಕ್ ಕಾಲೇಜಿನಲ್ಲಿ ಹೆಚ್ಚುವರಿ ಕಟ್ಟಡ ಕಾಮಗಾರಿಗೆ ಸೋಮವಾರ ಭೂಮಿಪೂಜೆ ನೆರವೇರಿಸಿ ಮಾತನಾಡಿದರು. ಕೈಗಾರಿಕಾ ಕ್ಷೇತ್ರದ ಬೇಡಿಕೆಗೆ ಅನುಗುಣವಾಗಿ ವಿದ್ಯಾರ್ಥಿಗಳಿಗೆ ಕೌಶಲ್ಯ ತರಬೇತಿ ನೀಡಲಾಗುತ್ತಿದೆ. ಪಾಲಿಟೆಕ್ನಿಕ್ ಕಾಲೇಜುಗಳಲ್ಲಿ ಮೂಲ ಸೌಕರ್ಯ ಒದಗಿಸಲು ಸರ್ಕಾರ ಬದ್ಧವಾಗಿದೆ ಎಂದರು.
“ ಪದವಿ ಜೊತೆ ಕೌಶಲ್ಯ ಶಿಕ್ಷಣ ಪಡೆಯಿರಿ. ಮುಂದಿನ ದಿನಗಳಲ್ಲಿ ದೊಡ್ಡ ದೊಡ್ಡ ಕಂಪನಿಗಳನ್ನು ಇಲ್ಲಿಗೆ ಕರೆಸಿ ಉದ್ಯೋಗ ಕೊಡಿಸಲಾಗುವುದು.
ಡಾ.ಎಂ.ಚಂದ್ರಪ್ಪ, ಶಾಸಕ
ಶಾಸಕ ಡಾ.ಎಂ.ಚಂದ್ರಪ್ಪ ಮಾತನಾಡಿ, ಕ್ಷೇತ್ರದಲ್ಲಿ ಶಿಕ್ಷಣ ಸಂಸ್ಥೆಗಳ ಅಭಿವೃದ್ಧಿಗೆ ಆದ್ಯತೆ ನೀಡಲಾಗಿದೆ. ಈ ಕಟ್ಟಡ 7 ಕೋಟಿ ರೂ. ವೆಚ್ಚದಲ್ಲಿ ನಿರ್ಮಾಣವಾಗಲಿದೆ. ಸಕಾಲದಲ್ಲಿ ಕಾಮಗಾರಿ ಪೂರ್ಣಗೊಳಿಸಬೇಕು ಎಂದು ಸೂಚಿಸಿದರು.
ಪುರಸಭೆ ಅಧ್ಯಕ್ಷ ವಿಜಯಸಿಂಹ ಖಾಟ್ರೋತ್, ಉಪಾಧ್ಯಕ್ಷೆ ನಾಗರತ್ನ ವೇದಮೂರ್ತಿ, ಮುರುಗೇಶ್, ಮಲ್ಲಿಕಾರ್ಜುನಸ್ವಾಮಿ, ಎ.ಸಿ.ಶಿವಕುಮಾರ್, ಪ್ರಾಂಶುಪಾಲರು ಹಾಜರಿದ್ದರು.
ಕೈಗಾರಿಕಾ ಕ್ಷೇತ್ರದ ಬೇಡಿಕೆಗೆ ಅನುಗುಣವಾಗಿ ವಿದ್ಯಾರ್ಥಿಗಳಿಗೆ ಕೌಶಲ್ಯ ತರಬೇತಿ ನೀಡಲಾಗುತ್ತಿದೆ. ಪಾಲಿಟೆಕ್ನಿಕ್ ಕಾಲೇಜುಗಳಲ್ಲಿ ಮೂಲ ಸೌಕರ್ಯ ಒದಗಿಸಲು ಸರ್ಕಾರ ಬದ್ಧವಾಗಿದೆ ಎಂದರು.
ಇಂಡಕ್ಷನ್ ಕಾರ್ಯಾಗಾರ | ಡಾ.ಬಸವಕುಮಾರ ಸ್ವಾಮೀಜಿ ಹಾರೈಕೆ
ಉತ್ತಮ ಶಿಕ್ಷಣ ಪಡೆದು ಕೀರ್ತಿ ಹೊಂದಿ
ಚಿತ್ರದುರ್ಗ: ಶಿಕ್ಷಣ ಸಂಸ್ಥೆಗಳಲ್ಲಿ ಸುಂದರ ಕಟ್ಟಡದ ಜೊತೆಗೆ ಅನುಭವಿ ಬೋಧಕರು ಇರಬೇಕು ಎಂದು ಮುರುಘಾಮಠದ ಉಸ್ತುವಾರಿ ಡಾ.ಬಸವಕುಮಾರ ಸ್ವಾಮೀಜಿ ತಿಳಿಸಿದರು. ಎಸ್.ಜೆ.ಎಂ. ಪಾಲಿಟೆಕ್ನಿಕ್ ಕಾಲೇಜಿನಲ್ಲಿ ಆಯೋಜಿಸಿದ್ದ ಇಂಡಕ್ಷನ್ ಕಾರ್ಯಾಗಾರ ಉದ್ಘಾಟಿಸಿ ಮಾತನಾಡಿದರು. ವಿದ್ಯಾರ್ಥಿಗಳು ಶಿಸ್ತು, ಸಂಯಮ ಮತ್ತು ಏಕಾಗ್ರತೆಯಿಂದ ಅಧ್ಯಯನ ಮಾಡಿ ಉತ್ತಮ ಫಲಿತಾಂಶ ಪಡೆಯಬೇಕು. ಪೋಷಕರ ಕನಸುಗಳನ್ನು ನನಸು ಮಾಡಬೇಕು ಎಂದು ಸಲಹೆ ನೀಡಿದರು. ವಿಭಾಗಾಧ್ಯಕ್ಷರು, ಬೋಧಕರು ಹಾಗೂ ವಿದ್ಯಾರ್ಥಿಗಳು ಉಪಸ್ಥಿತರಿದ್ದರು. ನಿರೂಪಣೆಯನ್ನು ಉಪನ್ಯಾಸಕರು ನಿರ್ವಹಿಸಿದರು.
ಪ್ರಾಚಾರ್ಯ ಎಸ್.ಪಿ. ರವಿಶಂಕರ್ ಮಾತನಾಡಿ, ಕಾಲೇಜಿನಲ್ಲಿ ಅತ್ಯಾಧುನಿಕ ಪ್ರಯೋಗಾಲಯಗಳು ಹಾಗೂ ಗ್ರಂಥಾಲಯ ವ್ಯವಸ್ಥೆ ಇದೆ. ವಿದ್ಯಾರ್ಥಿಗಳು ಇದರ ಸದುಪಯೋಗ ಪಡೆದುಕೊಳ್ಳಬೇಕು ಎಂದರು.
